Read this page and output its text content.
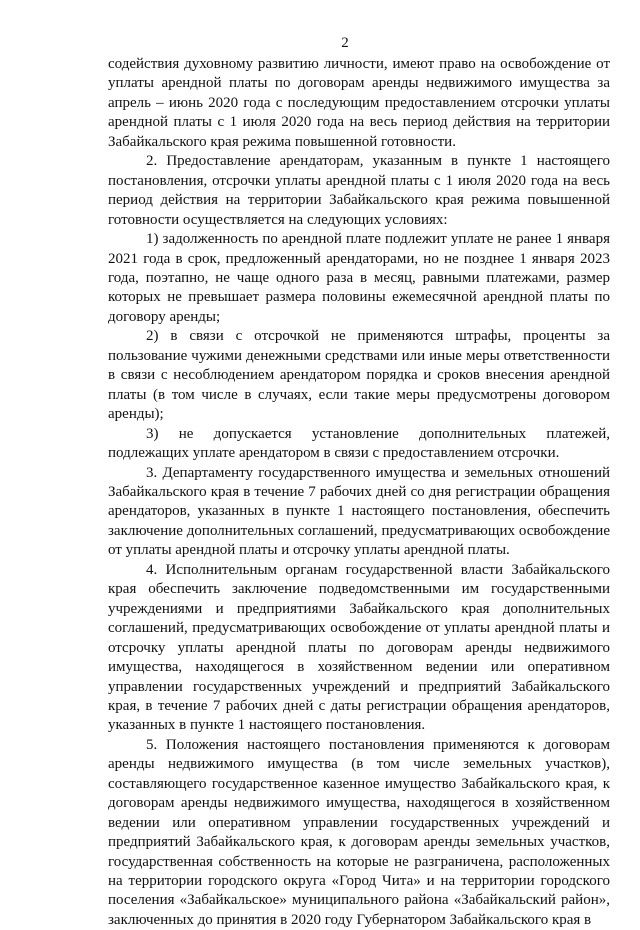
2

содействия духовному развитию личности, имеют право на освобождение от уплаты арендной платы по договорам аренды недвижимого имущества за апрель – июнь 2020 года с последующим предоставлением отсрочки уплаты арендной платы с 1 июля 2020 года на весь период действия на территории Забайкальского края режима повышенной готовности.

2. Предоставление арендаторам, указанным в пункте 1 настоящего постановления, отсрочки уплаты арендной платы с 1 июля 2020 года на весь период действия на территории Забайкальского края режима повышенной готовности осуществляется на следующих условиях:

1) задолженность по арендной плате подлежит уплате не ранее 1 января 2021 года в срок, предложенный арендаторами, но не позднее 1 января 2023 года, поэтапно, не чаще одного раза в месяц, равными платежами, размер которых не превышает размера половины ежемесячной арендной платы по договору аренды;

2) в связи с отсрочкой не применяются штрафы, проценты за пользование чужими денежными средствами или иные меры ответственности в связи с несоблюдением арендатором порядка и сроков внесения арендной платы (в том числе в случаях, если такие меры предусмотрены договором аренды);

3) не допускается установление дополнительных платежей, подлежащих уплате арендатором в связи с предоставлением отсрочки.

3. Департаменту государственного имущества и земельных отношений Забайкальского края в течение 7 рабочих дней со дня регистрации обращения арендаторов, указанных в пункте 1 настоящего постановления, обеспечить заключение дополнительных соглашений, предусматривающих освобождение от уплаты арендной платы и отсрочку уплаты арендной платы.

4. Исполнительным органам государственной власти Забайкальского края обеспечить заключение подведомственными им государственными учреждениями и предприятиями Забайкальского края дополнительных соглашений, предусматривающих освобождение от уплаты арендной платы и отсрочку уплаты арендной платы по договорам аренды недвижимого имущества, находящегося в хозяйственном ведении или оперативном управлении государственных учреждений и предприятий Забайкальского края, в течение 7 рабочих дней с даты регистрации обращения арендаторов, указанных в пункте 1 настоящего постановления.

5. Положения настоящего постановления применяются к договорам аренды недвижимого имущества (в том числе земельных участков), составляющего государственное казенное имущество Забайкальского края, к договорам аренды недвижимого имущества, находящегося в хозяйственном ведении или оперативном управлении государственных учреждений и предприятий Забайкальского края, к договорам аренды земельных участков, государственная собственность на которые не разграничена, расположенных на территории городского округа «Город Чита» и на территории городского поселения «Забайкальское» муниципального района «Забайкальский район», заключенных до принятия в 2020 году Губернатором Забайкальского края в
